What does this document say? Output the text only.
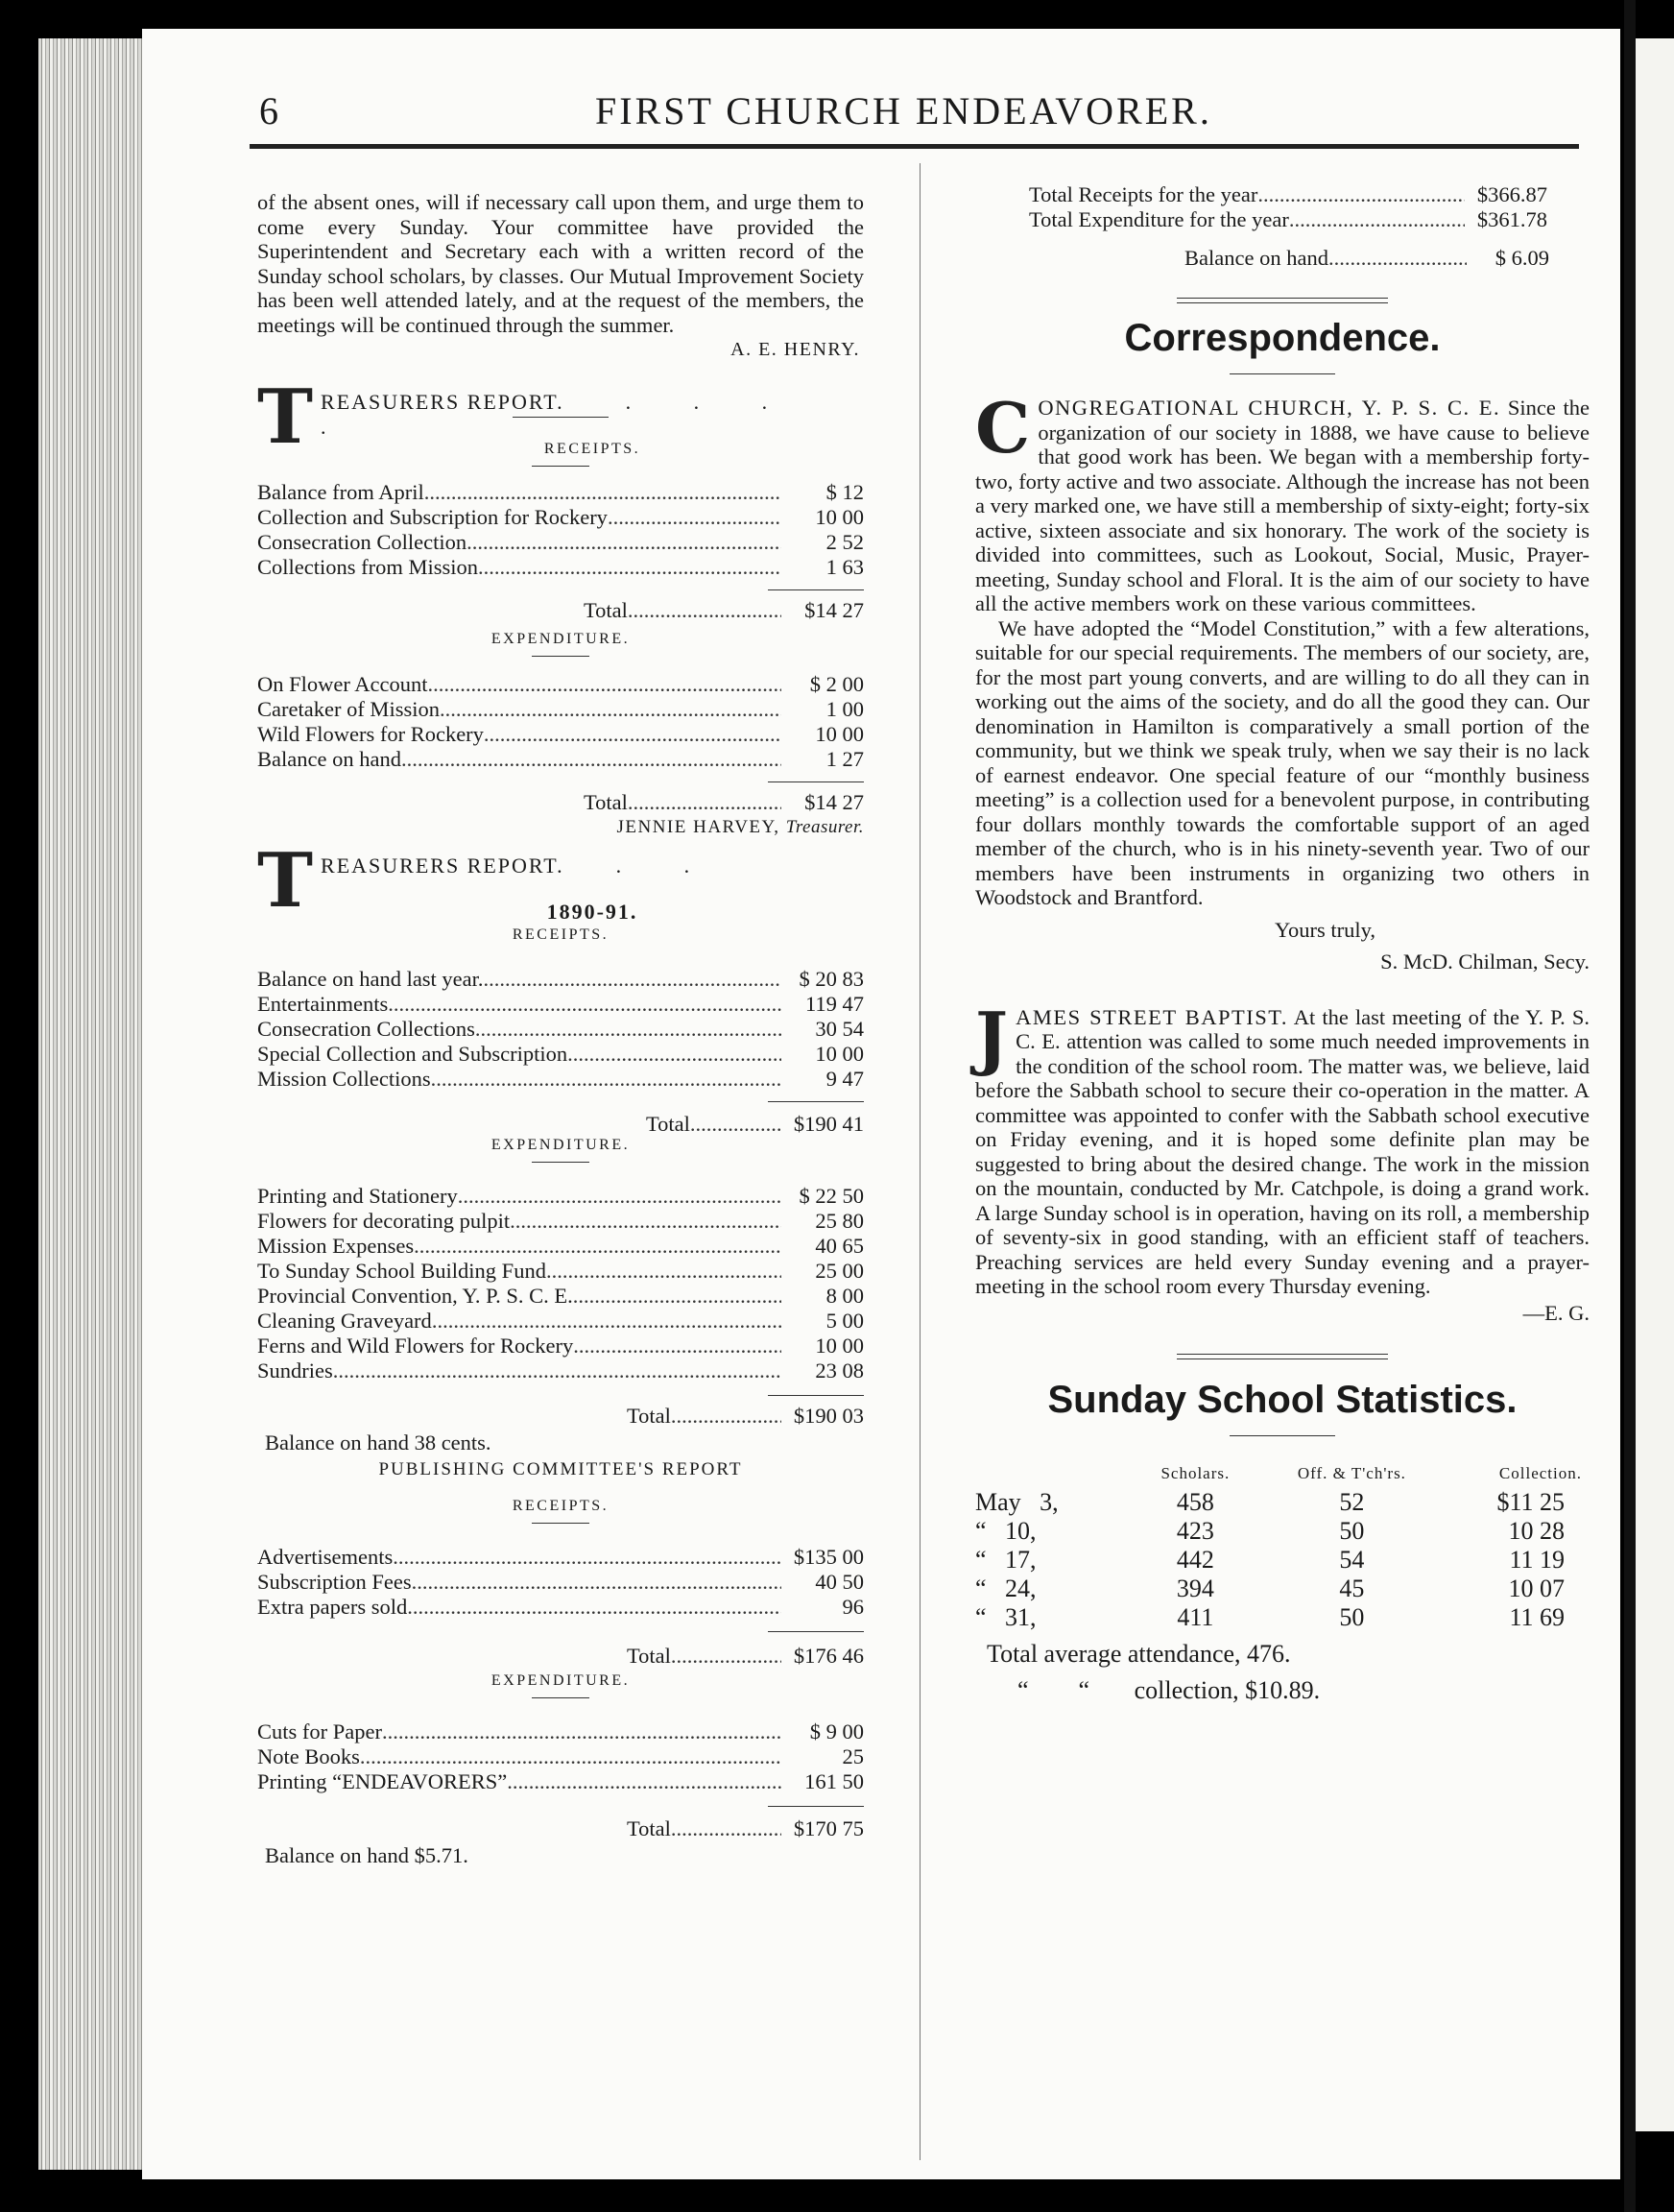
6	FIRST CHURCH ENDEAVORER.

of the absent ones, will if necessary call upon them, and urge them to come every Sunday. Your committee have provided the Superintendent and Secretary each with a written record of the Sunday school scholars, by classes. Our Mutual Improvement Society has been well attended lately, and at the request of the members, the meetings will be continued through the summer.

A. E. HENRY.
T REASURERS REPORT.	. . . .
RECEIPTS.
Balance from April .....	$ 12
Collection and Subscription for Rockery .....	10 00
Consecration Collection .....	2 52
Collections from Mission .....	1 63
Total .....	$14 27
EXPENDITURE.
On Flower Account .....	$ 2 00
Caretaker of Mission .....	1 00
Wild Flowers for Rockery .....	10 00
Balance on hand .....	1 27
Total .....	$14 27
JENNIE HARVEY, Treasurer.
T REASURERS REPORT. . .
1890-91.
RECEIPTS.
Balance on hand last year. .....	$ 20 83
Entertainments .....	119 47
Consecration Collections .....	30 54
Special Collection and Subscription .....	10 00
Mission Collections .....	9 47
Total .....	$190 41
EXPENDITURE.
Printing and Stationery .....	$ 22 50
Flowers for decorating pulpit .....	25 80
Mission Expenses .....	40 65
To Sunday School Building Fund .....	25 00
Provincial Convention, Y. P. S. C. E. .....	8 00
Cleaning Graveyard .....	5 00
Ferns and Wild Flowers for Rockery .....	10 00
Sundries .....	23 08
Total .....	$190 03
Balance on hand 38 cents.
PUBLISHING COMMITTEE'S REPORT
RECEIPTS.
Advertisements .....	$135 00
Subscription Fees .....	40 50
Extra papers sold .....	96
Total .....	$176 46
EXPENDITURE.
Cuts for Paper .....	$ 9 00
Note Books .....	25
Printing “ENDEAVORERS” .....	161 50
Total .....	$170 75
Balance on hand $5.71.
Total Receipts for the year .....	$366.87
Total Expenditure for the year .....	$361.78
Balance on hand .....	$ 6.09
Correspondence.
C ONGREGATIONAL CHURCH, Y. P. S. C. E. Since the organization of our society in 1888, we have cause to believe that good work has been. We began with a membership forty-two, forty active and two associate. Although the increase has not been a very marked one, we have still a membership of sixty-eight; forty-six active, sixteen associate and six honorary. The work of the society is divided into committees, such as Lookout, Social, Music, Prayer-meeting, Sunday school and Floral. It is the aim of our society to have all the active members work on these various committees.
We have adopted the “Model Constitution,” with a few alterations, suitable for our special requirements. The members of our society, are, for the most part young converts, and are willing to do all they can in working out the aims of the society, and do all the good they can. Our denomination in Hamilton is comparatively a small portion of the community, but we think we speak truly, when we say their is no lack of earnest endeavor. One special feature of our “monthly business meeting” is a collection used for a benevolent purpose, in contributing four dollars monthly towards the comfortable support of an aged member of the church, who is in his ninety-seventh year. Two of our members have been instruments in organizing two others in Woodstock and Brantford.
Yours truly,
S. McD. Chilman, Secy.
J AMES STREET BAPTIST. At the last meeting of the Y. P. S. C. E. attention was called to some much needed improvements in the condition of the school room. The matter was, we believe, laid before the Sabbath school to secure their co-operation in the matter. A committee was appointed to confer with the Sabbath school executive on Friday evening, and it is hoped some definite plan may be suggested to bring about the desired change. The work in the mission on the mountain, conducted by Mr. Catchpole, is doing a grand work. A large Sunday school is in operation, having on its roll, a membership of seventy-six in good standing, with an efficient staff of teachers. Preaching services are held every Sunday evening and a prayer-meeting in the school room every Thursday evening.
—E. G.
Sunday School Statistics.
	Scholars.	Off. & T'ch'rs.	Collection.
May   3,	458	52	$11 25
“   10,	423	50	10 28
“   17,	442	54	11 19
“   24,	394	45	10 07
“   31,	411	50	11 69
Total average attendance, 476.
“        “ collection, $10.89.
